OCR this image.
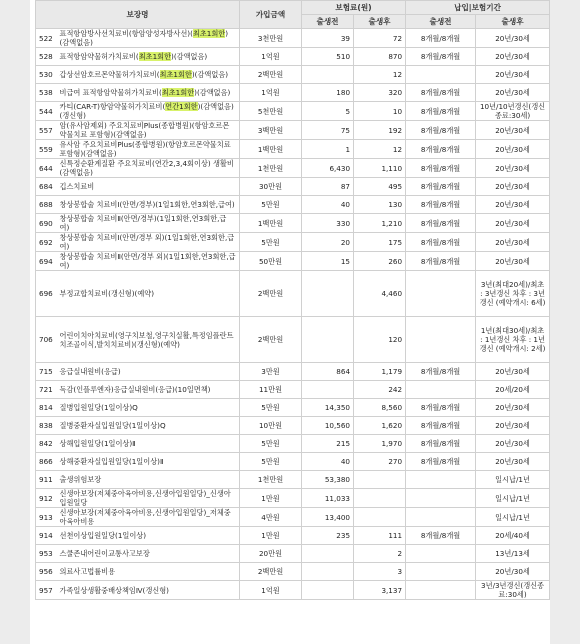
보장명		가입금액	보험료(원)		납입|보험기간	
			출생전	출생후	출생전	출생후
522	표적항암방사선치료비(항암양성자방사선)(최초1회한)(감액없음)	3천만원	39	72	8개월/8개월	20년/30세
528	표적항암약물허가치료비(최초1회한)(감액없음)	1억원	510	870	8개월/8개월	20년/30세
530	갑상선암호르몬약물허가치료비(최초1회한)(감액없음)	2백만원		12		20년/30세
538	비급여 표적항암약물허가치료비(최초1회한)(감액없음)	1억원	180	320	8개월/8개월	20년/30세
544	카티(CAR-T)항암약물허가치료비(연간1회한)(감액없음)(갱신형)	5천만원	5	10	8개월/8개월	10년/10년갱신(갱신종료:30세)
557	암(유사암제외) 주요치료비Plus(종합병원)(항암호르몬약물치료 포함형)(감액없음)	3백만원	75	192	8개월/8개월	20년/30세
559	유사암 주요치료비Plus(종합병원)(항암호르몬약물치료 포함형)(감액없음)	1백만원	1	12	8개월/8개월	20년/30세
644	신특정순환계질환 주요치료비(연간2,3,4회이상) 생활비(감액없음)	1천만원	6,430	1,110	8개월/8개월	20년/30세
684	깁스치료비	30만원	87	495	8개월/8개월	20년/30세
688	창상봉합술 치료비Ⅰ(안면/경부)(1일1회한,연3회한,급여)	5만원	40	130	8개월/8개월	20년/30세
690	창상봉합술 치료비Ⅱ(안면/경부)(1일1회한,연3회한,급여)	1백만원	330	1,210	8개월/8개월	20년/30세
692	창상봉합술 치료비Ⅰ(안면/경부 외)(1일1회한,연3회한,급여)	5만원	20	175	8개월/8개월	20년/30세
694	창상봉합술 치료비Ⅱ(안면/경부 외)(1일1회한,연3회한,급여)	50만원	15	260	8개월/8개월	20년/30세
696	부정교합치료비(갱신형)(예약)	2백만원		4,460		3년(최대20세)/최초 : 3년갱신 차후 : 3년갱신 (예약개시: 6세)
706	어린이치아치료비(영구치보철,영구치실활,특정임플란트치조골이식,발치치료비)(갱신형)(예약)	2백만원		120		1년(최대30세)/최초 : 1년갱신 차후 : 1년갱신 (예약개시: 2세)
715	응급실내원비(응급)	3만원	864	1,179	8개월/8개월	20년/30세
721	독감(인플루엔자)응급실내원비(응급)(10일면책)	11만원		242		20세/20세
814	질병입원일당(1일이상)Q	5만원	14,350	8,560	8개월/8개월	20년/30세
838	질병중환자실입원일당(1일이상)Q	10만원	10,560	1,620	8개월/8개월	20년/30세
842	상해입원일당(1일이상)Ⅱ	5만원	215	1,970	8개월/8개월	20년/30세
866	상해중환자실입원일당(1일이상)Ⅱ	5만원	40	270	8개월/8개월	20년/30세
911	출생위험보장	1천만원	53,380			일시납/1년
912	신생아보장(저체중아육아비용,신생아입원일당)_신생아입원일당	1만원	11,033			일시납/1년
913	신생아보장(저체중아육아비용,신생아입원일당)_저체중아육아비용	4만원	13,400			일시납/1년
914	선천이상입원일당(1일이상)	1만원	235	111	8개월/8개월	20세/40세
953	스쿨존내어린이교통사고보장	20만원		2		13년/13세
956	의료사고법률비용	2백만원		3		20년/30세
957	가족일상생활중배상책임Ⅳ(갱신형)	1억원		3,137		3년/3년갱신(갱신종료:30세)
